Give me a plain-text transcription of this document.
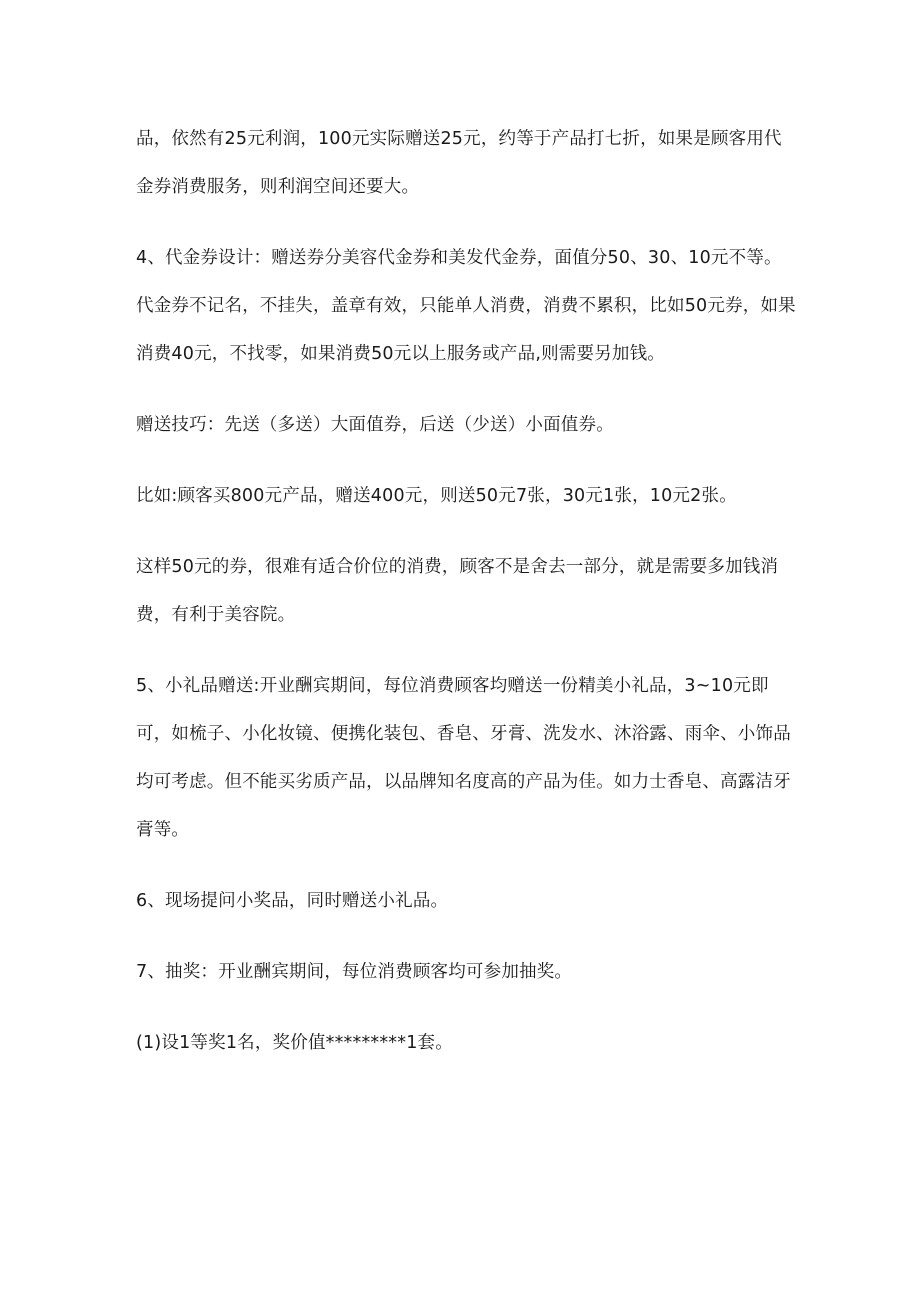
品，依然有25元利润，100元实际赠送25元，约等于产品打七折，如果是顾客用代金券消费服务，则利润空间还要大。

4、代金券设计：赠送券分美容代金券和美发代金券，面值分50、30、10元不等。代金券不记名，不挂失，盖章有效，只能单人消费，消费不累积，比如50元券，如果消费40元，不找零，如果消费50元以上服务或产品,则需要另加钱。

赠送技巧：先送（多送）大面值券，后送（少送）小面值券。

比如:顾客买800元产品，赠送400元，则送50元7张，30元1张，10元2张。

这样50元的券，很难有适合价位的消费，顾客不是舍去一部分，就是需要多加钱消费，有利于美容院。

5、小礼品赠送:开业酬宾期间，每位消费顾客均赠送一份精美小礼品，3~10元即可，如梳子、小化妆镜、便携化装包、香皂、牙膏、洗发水、沐浴露、雨伞、小饰品均可考虑。但不能买劣质产品，以品牌知名度高的产品为佳。如力士香皂、高露洁牙膏等。

6、现场提问小奖品，同时赠送小礼品。

7、抽奖：开业酬宾期间，每位消费顾客均可参加抽奖。

(1)设1等奖1名，奖价值*********1套。
